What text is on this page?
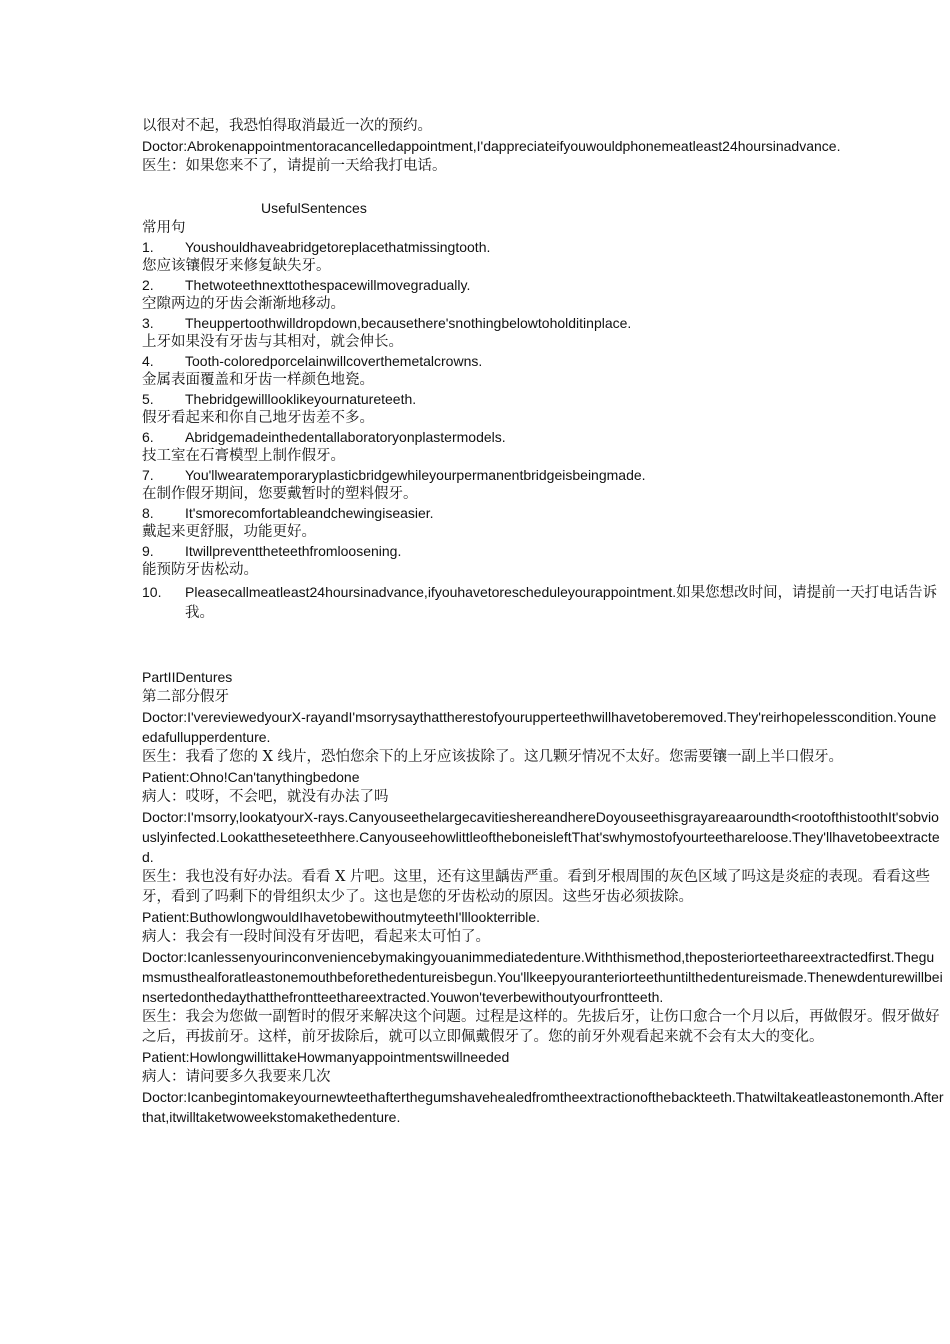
以很对不起，我恐怕得取消最近一次的预约。
Doctor:Abrokenappointmentoracancelledappointment,I'dappreciateifyouwouldphonemeatleast24hoursinadvance.
医生：如果您来不了，请提前一天给我打电话。
UsefulSentences
常用句
1.	Youshouldhaveabridgetoreplacethatmissingtooth.
您应该镶假牙来修复缺失牙。
2.	Thetwoteethnexttothespacewillmovegradually.
空隙两边的牙齿会渐渐地移动。
3.	Theuppertoothwilldropdown,becausethere'snothingbelowtoholditinplace.
上牙如果没有牙齿与其相对，就会伸长。
4.	Tooth-coloredporcelainwillcoverthemetalcrowns.
金属表面覆盖和牙齿一样颜色地瓷。
5.	Thebridgewilllooklikeyournatureteeth.
假牙看起来和你自己地牙齿差不多。
6.	Abridgemadeinthedentallaboratoryonplastermodels.
技工室在石膏模型上制作假牙。
7.	You'llwearatemporaryplasticbridgewhileyourpermanentbridgeisbeingmade.
在制作假牙期间，您要戴暂时的塑料假牙。
8.	It'smorecomfortableandchewingiseasier.
戴起来更舒服，功能更好。
9.	Itwillpreventtheteethfromloosening.
能预防牙齿松动。
10.	Pleasecallmeatleast24hoursinadvance,ifyouhavetorescheduleyourappointment.如果您想改时间，请提前一天打电话告诉我。
PartIIDentures
第二部分假牙
Doctor:I'vereviewedyourX-rayandI'msorrysaythattherestofyourupperteethwillhavetoberemoved.They'reirhopelesscondition.Youneedafullupperdenture.
医生：我看了您的 X 线片，恐怕您余下的上牙应该拔除了。这几颗牙情况不太好。您需要镶一副上半口假牙。
Patient:Ohno!Can'tanythingbedone
病人：哎呀，不会吧，就没有办法了吗
Doctor:I'msorry,lookatyourX-rays.CanyouseethelargecavitieshereandhereDoyouseethisgrayareaaroundth<rootofthistoothIt'sobviouslyinfected.Lookattheseteethhere.CanyouseehowlittleoftheboneisleftThat'swhymostofyourteethareloose.They'llhavetobeextracted.
医生：我也没有好办法。看看 X 片吧。这里，还有这里龋齿严重。看到牙根周围的灰色区域了吗这是炎症的表现。看看这些牙，看到了吗剩下的骨组织太少了。这也是您的牙齿松动的原因。这些牙齿必须拔除。
Patient:ButhowlongwouldIhavetobewithoutmyteethI'lllookterrible.
病人：我会有一段时间没有牙齿吧，看起来太可怕了。
Doctor:Icanlessenyourinconveniencebymakingyouanimmediatedenture.Withthismethod,theposteriorteethareextractedfirst.Thegumsmusthealforatleastonemouthbeforethedentureisbegun.You'llkeepyouranteriorteethuntilthedentureismade.Thenewdenturewillbeinsertedonthedaythatthefrontteethareextracted.Youwon'teverbewithoutyourfrontteeth.
医生：我会为您做一副暂时的假牙来解决这个问题。过程是这样的。先拔后牙，让伤口愈合一个月以后，再做假牙。假牙做好之后，再拔前牙。这样，前牙拔除后，就可以立即佩戴假牙了。您的前牙外观看起来就不会有太大的变化。
Patient:HowlongwillittakeHowmanyappointmentswillneeded
病人：请问要多久我要来几次
Doctor:Icanbegintomakeyournewteethafterthegumshavehealedfromtheextractionofthebackteeth.Thatwiltakeatleastonemonth.Afterthat,itwilltaketwoweekstomakethedenture.
